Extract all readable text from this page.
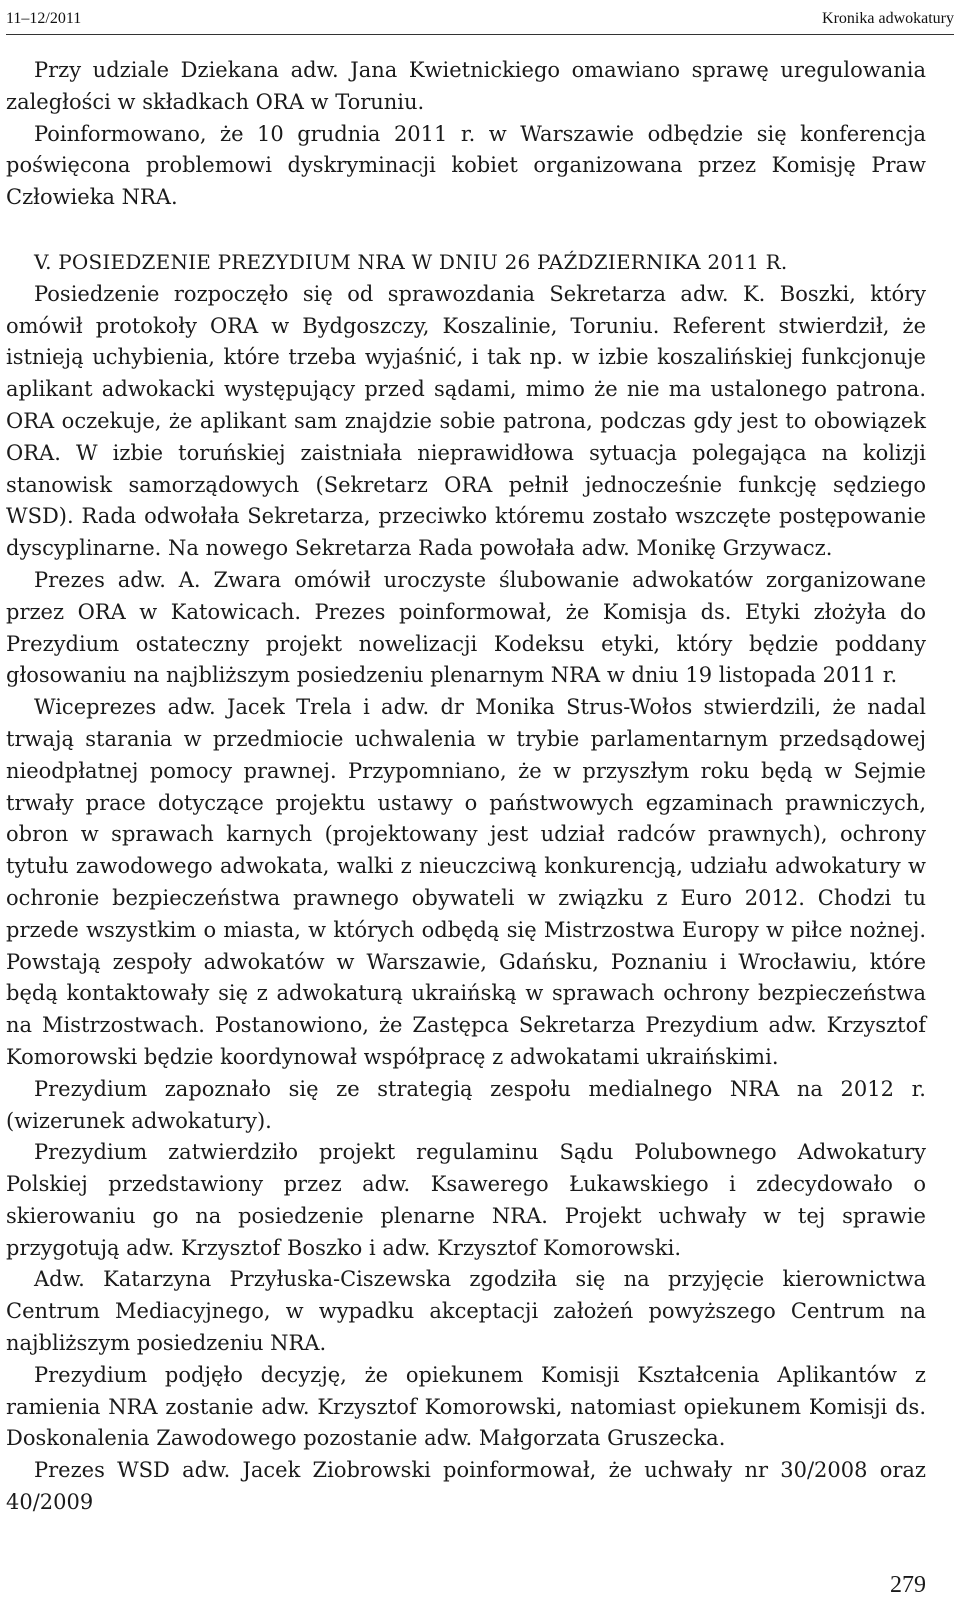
11–12/2011	Kronika adwokatury

Przy udziale Dziekana adw. Jana Kwietnickiego omawiano sprawę uregulowania zaległości w składkach ORA w Toruniu.

Poinformowano, że 10 grudnia 2011 r. w Warszawie odbędzie się konferencja poświęcona problemowi dyskryminacji kobiet organizowana przez Komisję Praw Człowieka NRA.

V. POSIEDZENIE PREZYDIUM NRA W DNIU 26 PAŹDZIERNIKA 2011 R.

Posiedzenie rozpoczęło się od sprawozdania Sekretarza adw. K. Boszki, który omówił protokoły ORA w Bydgoszczy, Koszalinie, Toruniu. Referent stwierdził, że istnieją uchybienia, które trzeba wyjaśnić, i tak np. w izbie koszalińskiej funkcjonuje aplikant adwokacki występujący przed sądami, mimo że nie ma ustalonego patrona. ORA oczekuje, że aplikant sam znajdzie sobie patrona, podczas gdy jest to obowiązek ORA. W izbie toruńskiej zaistniała nieprawidłowa sytuacja polegająca na kolizji stanowisk samorządowych (Sekretarz ORA pełnił jednocześnie funkcję sędziego WSD). Rada odwołała Sekretarza, przeciwko któremu zostało wszczęte postępowanie dyscyplinarne. Na nowego Sekretarza Rada powołała adw. Monikę Grzywacz.

Prezes adw. A. Zwara omówił uroczyste ślubowanie adwokatów zorganizowane przez ORA w Katowicach. Prezes poinformował, że Komisja ds. Etyki złożyła do Prezydium ostateczny projekt nowelizacji Kodeksu etyki, który będzie poddany głosowaniu na najbliższym posiedzeniu plenarnym NRA w dniu 19 listopada 2011 r.

Wiceprezes adw. Jacek Trela i adw. dr Monika Strus-Wołos stwierdzili, że nadal trwają starania w przedmiocie uchwalenia w trybie parlamentarnym przedsądowej nieodpłatnej pomocy prawnej. Przypomniano, że w przyszłym roku będą w Sejmie trwały prace dotyczące projektu ustawy o państwowych egzaminach prawniczych, obron w sprawach karnych (projektowany jest udział radców prawnych), ochrony tytułu zawodowego adwokata, walki z nieuczciwą konkurencją, udziału adwokatury w ochronie bezpieczeństwa prawnego obywateli w związku z Euro 2012. Chodzi tu przede wszystkim o miasta, w których odbędą się Mistrzostwa Europy w piłce nożnej. Powstają zespoły adwokatów w Warszawie, Gdańsku, Poznaniu i Wrocławiu, które będą kontaktowały się z adwokaturą ukraińską w sprawach ochrony bezpieczeństwa na Mistrzostwach. Postanowiono, że Zastępca Sekretarza Prezydium adw. Krzysztof Komorowski będzie koordynował współpracę z adwokatami ukraińskimi.

Prezydium zapoznało się ze strategią zespołu medialnego NRA na 2012 r. (wizerunek adwokatury).

Prezydium zatwierdziło projekt regulaminu Sądu Polubownego Adwokatury Polskiej przedstawiony przez adw. Ksawerego Łukawskiego i zdecydowało o skierowaniu go na posiedzenie plenarne NRA. Projekt uchwały w tej sprawie przygotują adw. Krzysztof Boszko i adw. Krzysztof Komorowski.

Adw. Katarzyna Przyłuska-Ciszewska zgodziła się na przyjęcie kierownictwa Centrum Mediacyjnego, w wypadku akceptacji założeń powyższego Centrum na najbliższym posiedzeniu NRA.

Prezydium podjęło decyzję, że opiekunem Komisji Kształcenia Aplikantów z ramienia NRA zostanie adw. Krzysztof Komorowski, natomiast opiekunem Komisji ds. Doskonalenia Zawodowego pozostanie adw. Małgorzata Gruszecka.

Prezes WSD adw. Jacek Ziobrowski poinformował, że uchwały nr 30/2008 oraz 40/2009

279
